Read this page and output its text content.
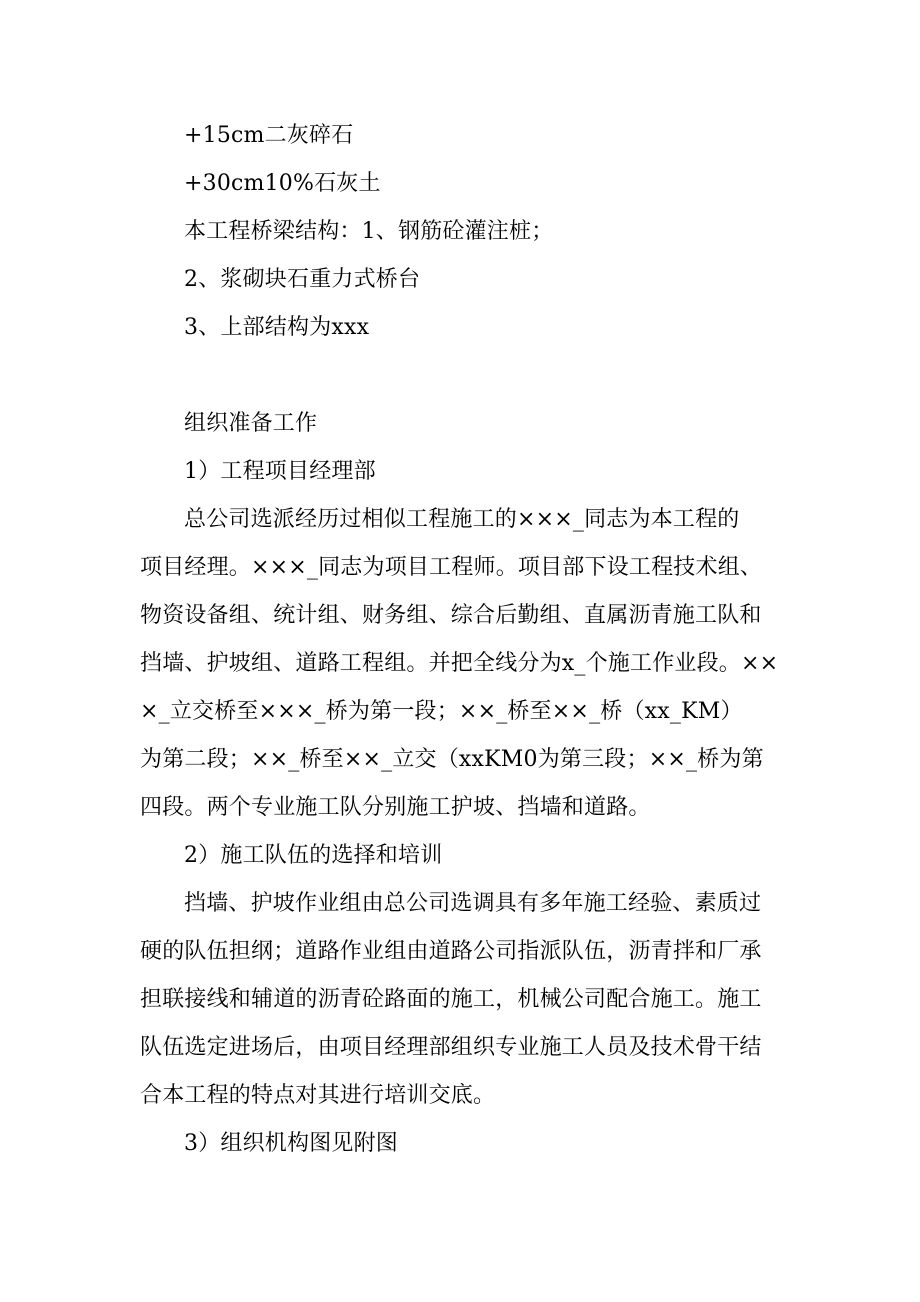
+15cm二灰碎石
+30cm10%石灰土
本工程桥梁结构：1、钢筋砼灌注桩；
2、浆砌块石重力式桥台
3、上部结构为xxx
组织准备工作
1）工程项目经理部
总公司选派经历过相似工程施工的×××_同志为本工程的
项目经理。×××_同志为项目工程师。项目部下设工程技术组、
物资设备组、统计组、财务组、综合后勤组、直属沥青施工队和
挡墙、护坡组、道路工程组。并把全线分为x_个施工作业段。××
×_立交桥至×××_桥为第一段；××_桥至××_桥（xx_KM）
为第二段；××_桥至××_立交（xxKM0为第三段；××_桥为第
四段。两个专业施工队分别施工护坡、挡墙和道路。
2）施工队伍的选择和培训
挡墙、护坡作业组由总公司选调具有多年施工经验、素质过
硬的队伍担纲；道路作业组由道路公司指派队伍，沥青拌和厂承
担联接线和辅道的沥青砼路面的施工，机械公司配合施工。施工
队伍选定进场后，由项目经理部组织专业施工人员及技术骨干结
合本工程的特点对其进行培训交底。
3）组织机构图见附图
